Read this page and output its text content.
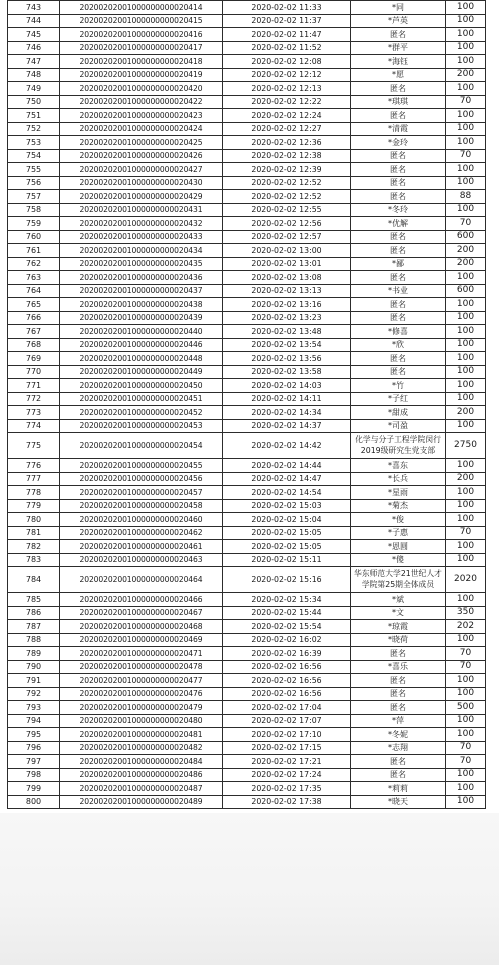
743	20200202001000000000020414	2020-02-02 11:33	*同	100
744	20200202001000000000020415	2020-02-02 11:37	*芦英	100
745	20200202001000000000020416	2020-02-02 11:47	匿名	100
746	20200202001000000000020417	2020-02-02 11:52	*群平	100
747	20200202001000000000020418	2020-02-02 12:08	*海钰	100
748	20200202001000000000020419	2020-02-02 12:12	*愿	200
749	20200202001000000000020420	2020-02-02 12:13	匿名	100
750	20200202001000000000020422	2020-02-02 12:22	*琪琪	70
751	20200202001000000000020423	2020-02-02 12:24	匿名	100
752	20200202001000000000020424	2020-02-02 12:27	*清霞	100
753	20200202001000000000020425	2020-02-02 12:36	*金玲	100
754	20200202001000000000020426	2020-02-02 12:38	匿名	70
755	20200202001000000000020427	2020-02-02 12:39	匿名	100
756	20200202001000000000020430	2020-02-02 12:52	匿名	100
757	20200202001000000000020429	2020-02-02 12:52	匿名	88
758	20200202001000000000020431	2020-02-02 12:55	*冬玲	100
759	20200202001000000000020432	2020-02-02 12:56	*优解	70
760	20200202001000000000020433	2020-02-02 12:57	匿名	600
761	20200202001000000000020434	2020-02-02 13:00	匿名	200
762	20200202001000000000020435	2020-02-02 13:01	*鄙	200
763	20200202001000000000020436	2020-02-02 13:08	匿名	100
764	20200202001000000000020437	2020-02-02 13:13	*书业	600
765	20200202001000000000020438	2020-02-02 13:16	匿名	100
766	20200202001000000000020439	2020-02-02 13:23	匿名	100
767	20200202001000000000020440	2020-02-02 13:48	*修喜	100
768	20200202001000000000020446	2020-02-02 13:54	*欣	100
769	20200202001000000000020448	2020-02-02 13:56	匿名	100
770	20200202001000000000020449	2020-02-02 13:58	匿名	100
771	20200202001000000000020450	2020-02-02 14:03	*竹	100
772	20200202001000000000020451	2020-02-02 14:11	*子红	100
773	20200202001000000000020452	2020-02-02 14:34	*甜成	200
774	20200202001000000000020453	2020-02-02 14:37	*司盈	100
775	20200202001000000000020454	2020-02-02 14:42	化学与分子工程学院闵行2019级研究生党支部	2750
776	20200202001000000000020455	2020-02-02 14:44	*喜东	100
777	20200202001000000000020456	2020-02-02 14:47	*长兵	200
778	20200202001000000000020457	2020-02-02 14:54	*星雨	100
779	20200202001000000000020458	2020-02-02 15:03	*菊杰	100
780	20200202001000000000020460	2020-02-02 15:04	*俊	100
781	20200202001000000000020462	2020-02-02 15:05	*子惠	70
782	20200202001000000000020461	2020-02-02 15:05	*恩圆	100
783	20200202001000000000020463	2020-02-02 15:11	*傻	100
784	20200202001000000000020464	2020-02-02 15:16	华东师范大学21世纪人才学院第25期全体成员	2020
785	20200202001000000000020466	2020-02-02 15:34	*斌	100
786	20200202001000000000020467	2020-02-02 15:44	*文	350
787	20200202001000000000020468	2020-02-02 15:54	*琼霞	202
788	20200202001000000000020469	2020-02-02 16:02	*晓荷	100
789	20200202001000000000020471	2020-02-02 16:39	匿名	70
790	20200202001000000000020478	2020-02-02 16:56	*喜乐	70
791	20200202001000000000020477	2020-02-02 16:56	匿名	100
792	20200202001000000000020476	2020-02-02 16:56	匿名	100
793	20200202001000000000020479	2020-02-02 17:04	匿名	500
794	20200202001000000000020480	2020-02-02 17:07	*萍	100
795	20200202001000000000020481	2020-02-02 17:10	*冬妮	100
796	20200202001000000000020482	2020-02-02 17:15	*志翔	70
797	20200202001000000000020484	2020-02-02 17:21	匿名	70
798	20200202001000000000020486	2020-02-02 17:24	匿名	100
799	20200202001000000000020487	2020-02-02 17:35	*莉莉	100
800	20200202001000000000020489	2020-02-02 17:38	*晓天	100
